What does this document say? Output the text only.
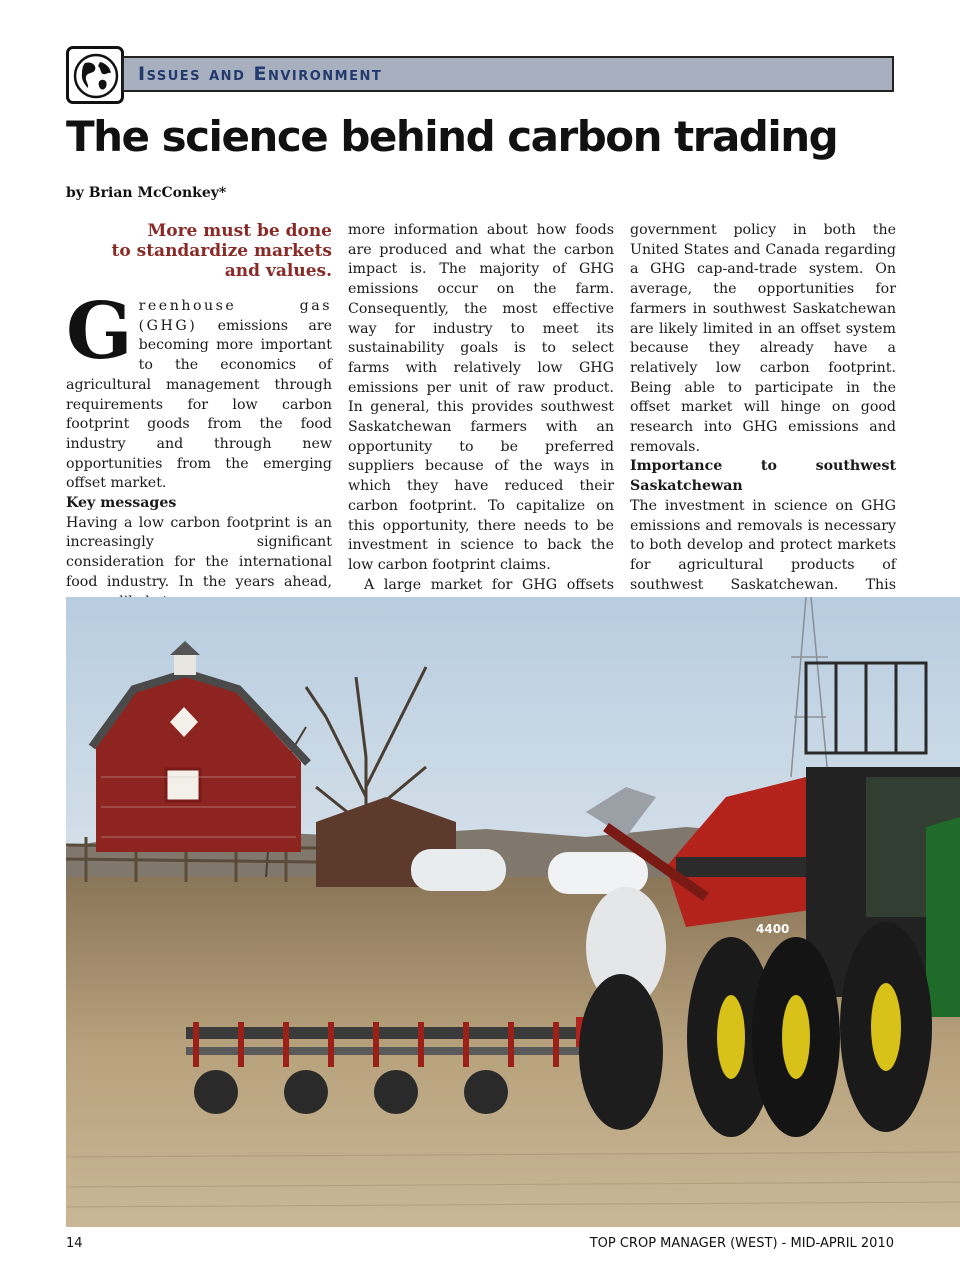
Issues and Environment
The science behind carbon trading
by Brian McConkey*
More must be done
to standardize markets
and values.

Greenhouse gas (GHG) emissions are becoming more important to the economics of agricultural management through requirements for low carbon footprint goods from the food industry and through new opportunities from the emerging offset market.

Key messages

Having a low carbon footprint is an increasingly significant consideration for the international food industry. In the years ahead,

more information about how foods are produced and what the carbon impact is. The majority of GHG emissions occur on the farm. Consequently, the most effective way for industry to meet its sustainability goals is to select farms with relatively low GHG emissions per unit of raw product. In general, this provides southwest Saskatchewan farmers with an opportunity to be preferred suppliers because of the ways in which they have reduced their carbon footprint. To capitalize on this opportunity, there needs to be investment in science to back the low carbon footprint claims.

A large market for GHG offsets

government policy in both the United States and Canada regarding a GHG cap-and-trade system. On average, the opportunities for farmers in southwest Saskatchewan are likely limited in an offset system because they already have a relatively low carbon footprint. Being able to participate in the offset market will hinge on good research into GHG emissions and removals.

Importance to southwest Saskatchewan

The investment in science on GHG emissions and removals is necessary to both develop and protect markets for agricultural products of southwest Saskatchewan. This

4400
14	TOP CROP MANAGER (WEST) - MID-APRIL 2010
